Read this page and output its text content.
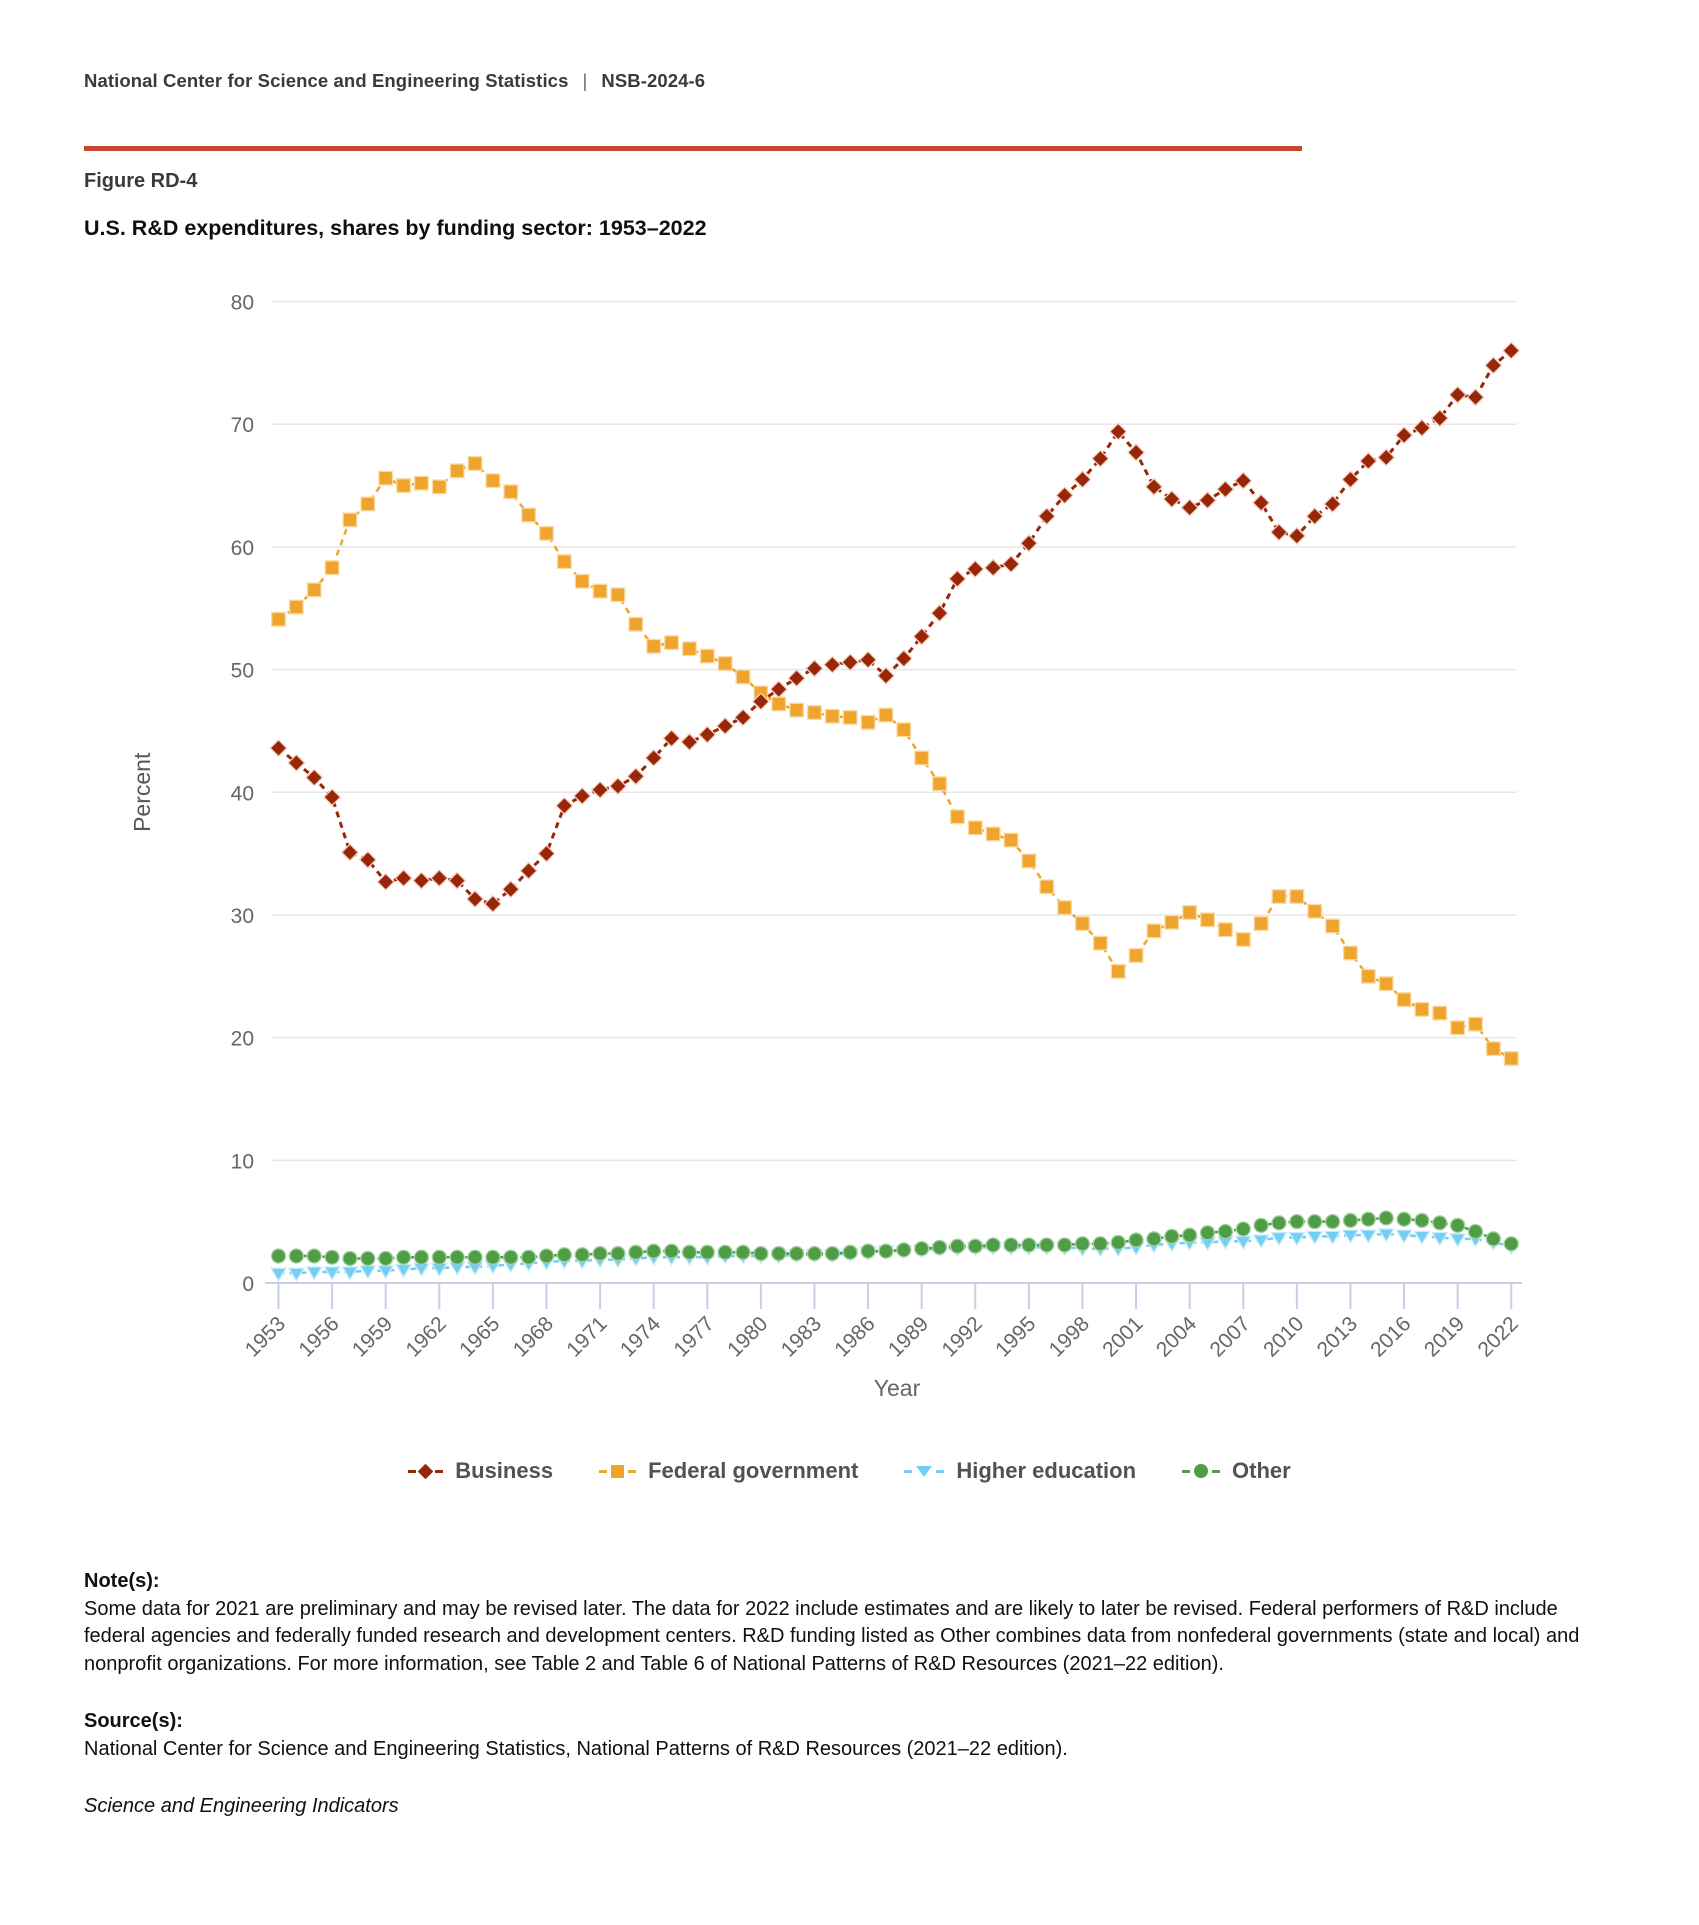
National Center for Science and Engineering Statistics | NSB-2024-6
Figure RD-4
U.S. R&D expenditures, shares by funding sector: 1953–2022
0
10
20
30
40
50
60
70
80
1953 1956 1959 1962 1965 1968 1971 1974 1977 1980 1983 1986 1989 1992 1995 1998 2001 2004 2007 2010 2013 2016 2019 2022
Percent
Year
Business	Federal government	Higher education	Other

Note(s):

Some data for 2021 are preliminary and may be revised later. The data for 2022 include estimates and are likely to later be revised. Federal performers of R&D include federal agencies and federally funded research and development centers. R&D funding listed as Other combines data from nonfederal governments (state and local) and nonprofit organizations. For more information, see Table 2 and Table 6 of National Patterns of R&D Resources (2021–22 edition).

Source(s):

National Center for Science and Engineering Statistics, National Patterns of R&D Resources (2021–22 edition).

Science and Engineering Indicators
